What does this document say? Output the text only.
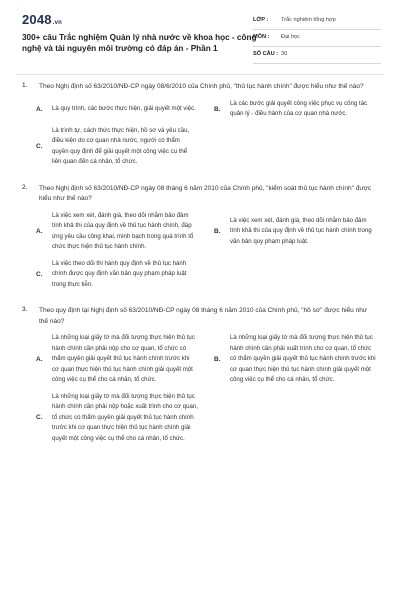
2048.vn
300+ câu Trắc nghiệm Quản lý nhà nước về khoa học - công nghệ và tài nguyên môi trường có đáp án - Phần 1
LỚP : Trắc nghiệm tổng hợp
MÔN : Đại học
SỐ CÂU : 30
1. Theo Nghị định số 63/2010/NĐ-CP ngày 08/6/2010 của Chính phủ, "thủ tục hành chính" được hiểu như thế nào?
A.	Là quy trình, các bước thực hiện, giải quyết một việc.	B.
Là các bước giải quyết công việc phục vụ công tác quản lý - điều hành của cơ quan nhà nước.
C.
Là trình tự, cách thức thực hiện, hồ sơ và yêu cầu, điều kiện do cơ quan nhà nước, người có thẩm quyền quy định để giải quyết một công việc cụ thể liên quan đến cá nhân, tổ chức.
2. Theo Nghị định số 63/2010/NĐ-CP ngày 08 tháng 6 năm 2010 của Chính phủ, "kiểm soát thủ tục hành chính" được hiểu như thế nào?
A.
Là việc xem xét, đánh giá, theo dõi nhằm bảo đảm tính khả thi của quy định về thủ tục hành chính, đáp ứng yêu cầu công khai, minh bạch trong quá trình tổ chức thực hiện thủ tục hành chính.
B.
Là việc xem xét, đánh giá, theo dõi nhằm bảo đảm tính khả thi của quy định về thủ tục hành chính trong văn bản quy phạm pháp luật.
C.
Là việc theo dõi thi hành quy định về thủ tục hành chính được quy định văn bản quy phạm pháp luật trong thực tiễn.
3. Theo quy định tại Nghị định số 63/2010/NĐ-CP ngày 08 tháng 6 năm 2010 của Chính phủ, "hồ sơ" được hiểu như thế nào?
A.
Là những loại giấy tờ mà đối tượng thực hiện thủ tục hành chính cần phải nộp cho cơ quan, tổ chức có thẩm quyền giải quyết thủ tục hành chính trước khi cơ quan thực hiện thủ tục hành chính giải quyết một công việc cụ thể cho cá nhân, tổ chức.
B.
Là những loại giấy tờ mà đối tượng thực hiện thủ tục hành chính cần phải xuất trình cho cơ quan, tổ chức có thẩm quyền giải quyết thủ tục hành chính trước khi cơ quan thực hiện thủ tục hành chính giải quyết một công việc cụ thể cho cá nhân, tổ chức.
C.
Là những loại giấy tờ mà đối tượng thực hiện thủ tục hành chính cần phải nộp hoặc xuất trình cho cơ quan, tổ chức có thẩm quyền giải quyết thủ tục hành chính trước khi cơ quan thực hiện thủ tục hành chính giải quyết một công việc cụ thể cho cá nhân, tổ chức.
